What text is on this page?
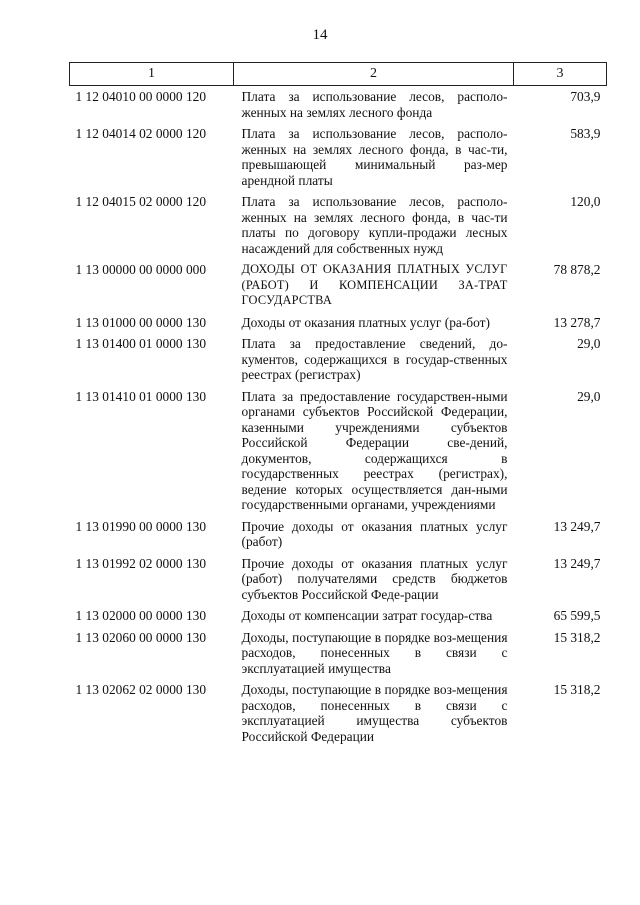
14
1	2	3
1 12 04010 00 0000 120	Плата за использование лесов, располо-женных на землях лесного фонда	703,9
1 12 04014 02 0000 120	Плата за использование лесов, располо-женных на землях лесного фонда, в час-ти, превышающей минимальный раз-мер арендной платы	583,9
1 12 04015 02 0000 120	Плата за использование лесов, располо-женных на землях лесного фонда, в час-ти платы по договору купли-продажи лесных насаждений для собственных нужд	120,0
1 13 00000 00 0000 000	ДОХОДЫ ОТ ОКАЗАНИЯ ПЛАТНЫХ УСЛУГ (РАБОТ) И КОМПЕНСАЦИИ ЗА-ТРАТ ГОСУДАРСТВА	78 878,2
1 13 01000 00 0000 130	Доходы от оказания платных услуг (ра-бот)	13 278,7
1 13 01400 01 0000 130	Плата за предоставление сведений, до-кументов, содержащихся в государ-ственных реестрах (регистрах)	29,0
1 13 01410 01 0000 130	Плата за предоставление государствен-ными органами субъектов Российской Федерации, казенными учреждениями субъектов Российской Федерации све-дений, документов, содержащихся в государственных реестрах (регистрах), ведение которых осуществляется дан-ными государственными органами, учреждениями	29,0
1 13 01990 00 0000 130	Прочие доходы от оказания платных услуг (работ)	13 249,7
1 13 01992 02 0000 130	Прочие доходы от оказания платных услуг (работ) получателями средств бюджетов субъектов Российской Феде-рации	13 249,7
1 13 02000 00 0000 130	Доходы от компенсации затрат государ-ства	65 599,5
1 13 02060 00 0000 130	Доходы, поступающие в порядке воз-мещения расходов, понесенных в связи с эксплуатацией имущества	15 318,2
1 13 02062 02 0000 130	Доходы, поступающие в порядке воз-мещения расходов, понесенных в связи с эксплуатацией имущества субъектов Российской Федерации	15 318,2
